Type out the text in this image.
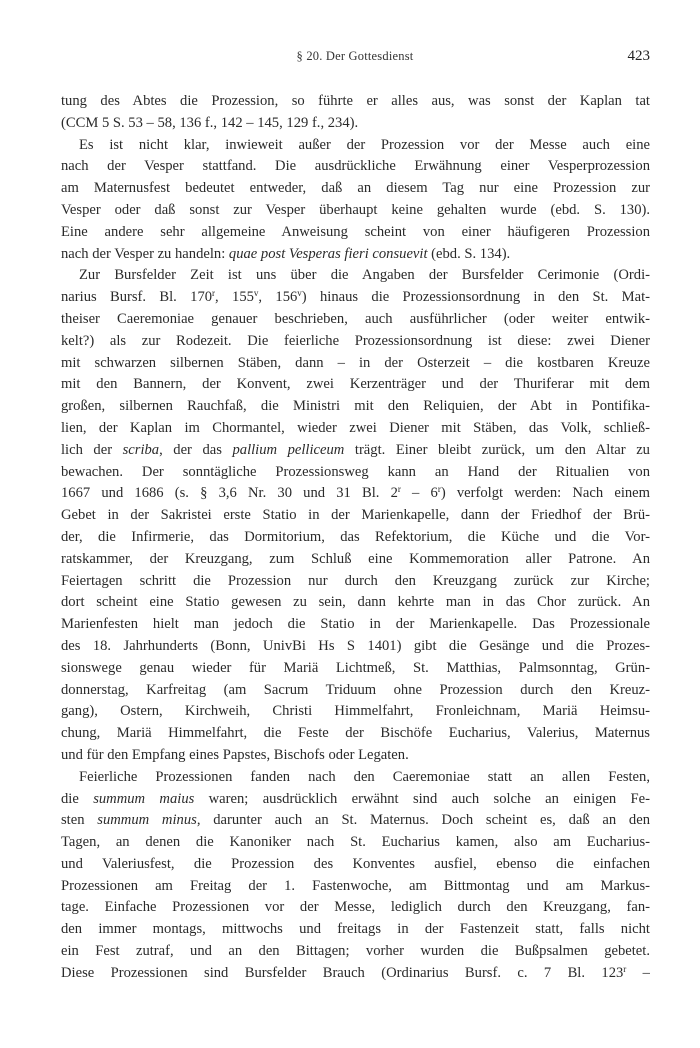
§ 20. Der Gottesdienst	423
tung des Abtes die Prozession, so führte er alles aus, was sonst der Kaplan tat
(CCM 5 S. 53 – 58, 136 f., 142 – 145, 129 f., 234).
Es ist nicht klar, inwieweit außer der Prozession vor der Messe auch eine
nach der Vesper stattfand. Die ausdrückliche Erwähnung einer Vesperprozession
am Maternusfest bedeutet entweder, daß an diesem Tag nur eine Prozession zur
Vesper oder daß sonst zur Vesper überhaupt keine gehalten wurde (ebd. S. 130).
Eine andere sehr allgemeine Anweisung scheint von einer häufigeren Prozession
nach der Vesper zu handeln: quae post Vesperas fieri consuevit (ebd. S. 134).
Zur Bursfelder Zeit ist uns über die Angaben der Bursfelder Cerimonie (Ordi-
narius Bursf. Bl. 170$^r$, 155$^v$, 156$^v$) hinaus die Prozessionsordnung in den St. Mat-
theiser Caeremoniae genauer beschrieben, auch ausführlicher (oder weiter entwik-
kelt?) als zur Rodezeit. Die feierliche Prozessionsordnung ist diese: zwei Diener
mit schwarzen silbernen Stäben, dann – in der Osterzeit – die kostbaren Kreuze
mit den Bannern, der Konvent, zwei Kerzenträger und der Thuriferar mit dem
großen, silbernen Rauchfaß, die Ministri mit den Reliquien, der Abt in Pontifika-
lien, der Kaplan im Chormantel, wieder zwei Diener mit Stäben, das Volk, schließ-
lich der scriba, der das pallium pelliceum trägt. Einer bleibt zurück, um den Altar zu
bewachen. Der sonntägliche Prozessionsweg kann an Hand der Ritualien von
1667 und 1686 (s. § 3,6 Nr. 30 und 31 Bl. 2$^r$ – 6$^r$) verfolgt werden: Nach einem
Gebet in der Sakristei erste Statio in der Marienkapelle, dann der Friedhof der Brü-
der, die Infirmerie, das Dormitorium, das Refektorium, die Küche und die Vor-
ratskammer, der Kreuzgang, zum Schluß eine Kommemoration aller Patrone. An
Feiertagen schritt die Prozession nur durch den Kreuzgang zurück zur Kirche;
dort scheint eine Statio gewesen zu sein, dann kehrte man in das Chor zurück. An
Marienfesten hielt man jedoch die Statio in der Marienkapelle. Das Prozessionale
des 18. Jahrhunderts (Bonn, UnivBi Hs S 1401) gibt die Gesänge und die Prozes-
sionswege genau wieder für Mariä Lichtmeß, St. Matthias, Palmsonntag, Grün-
donnerstag, Karfreitag (am Sacrum Triduum ohne Prozession durch den Kreuz-
gang), Ostern, Kirchweih, Christi Himmelfahrt, Fronleichnam, Mariä Heimsu-
chung, Mariä Himmelfahrt, die Feste der Bischöfe Eucharius, Valerius, Maternus
und für den Empfang eines Papstes, Bischofs oder Legaten.
Feierliche Prozessionen fanden nach den Caeremoniae statt an allen Festen,
die summum maius waren; ausdrücklich erwähnt sind auch solche an einigen Fe-
sten summum minus, darunter auch an St. Maternus. Doch scheint es, daß an den
Tagen, an denen die Kanoniker nach St. Eucharius kamen, also am Eucharius-
und Valeriusfest, die Prozession des Konventes ausfiel, ebenso die einfachen
Prozessionen am Freitag der 1. Fastenwoche, am Bittmontag und am Markus-
tage. Einfache Prozessionen vor der Messe, lediglich durch den Kreuzgang, fan-
den immer montags, mittwochs und freitags in der Fastenzeit statt, falls nicht
ein Fest zutraf, und an den Bittagen; vorher wurden die Bußpsalmen gebetet.
Diese Prozessionen sind Bursfelder Brauch (Ordinarius Bursf. c. 7 Bl. 123$^r$ –
